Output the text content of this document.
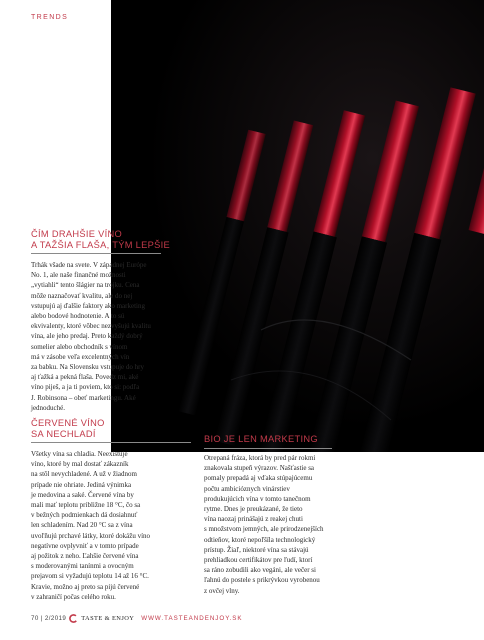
TRENDS
ČÍM DRAHŠIE VÍNO
A TAŽŠIA FLAŠA, TÝM LEPŠIE

Trhák všade na svete. V západnej Európe
No. 1, ale naše finančné možnosti
„vytiahli“ tento šlágier na trojku. Cena
môže naznačovať kvalitu, ale do nej
vstupujú aj ďalšie faktory ako marketing
alebo bodové hodnotenie. A to sú
ekvivalenty, ktoré vôbec nezvyšujú kvalitu
vína, ale jeho predaj. Preto každý dobrý
somelier alebo obchodník s vínom
má v zásobe veľa excelentných vín
za babku. Na Slovensku vstupuje do hry
aj ťažká a pekná flaša. Povedz mi, aké
víno piješ, a ja ti poviem, kto si: podľa
J. Robinsona – obeť marketingu. Aké
jednoduché.

ČERVENÉ VÍNO
SA NECHLADÍ

Všetky vína sa chladia. Neexistuje
víno, ktoré by mal dostať zákazník
na stôl nevychladené. A už v žiadnom
prípade nie ohriate. Jediná výnimka
je medovina a saké. Červené vína by
mali mať teplotu približne 18 °C, čo sa
v bežných podmienkach dá dosiahnuť
len schladením. Nad 20 °C sa z vína
uvoľňujú prchavé látky, ktoré dokážu víno
negatívne ovplyvniť a v tomto prípade
aj požitok z neho. Ľahšie červené vína
s moderovanými tanínmi a ovocným
prejavom si vyžadujú teplotu 14 až 16 °C.
Kravie, možno aj preto sa pijú červené
v zahraničí počas celého roku.

BIO JE LEN MARKETING

Otrepaná fráza, ktorá by pred pár rokmi
znakovala stupeň výrazov. Našťastie sa
pomaly prepadá aj vďaka stúpajúcemu
počtu ambicióznych vinárstiev
produkujúcich vína v tomto tanečnom
rytme. Dnes je preukázané, že tieto
vína naozaj prinášajú z reakej chuti
s množstvom jemných, ale prirodzenejších
odtieňov, ktoré nepoľšíla technologický
prístup. Žiaľ, niektoré vína sa stávajú
prehliadkou certifikátov pre ľudí, ktorí
sa ráno zobudili ako vegáni, ale večer si
ľahnú do postele s prikrývkou vyrobenou
z ovčej vlny.

70 | 2/2019 TASTE & ENJOY WWW.TASTEANDENJOY.SK
